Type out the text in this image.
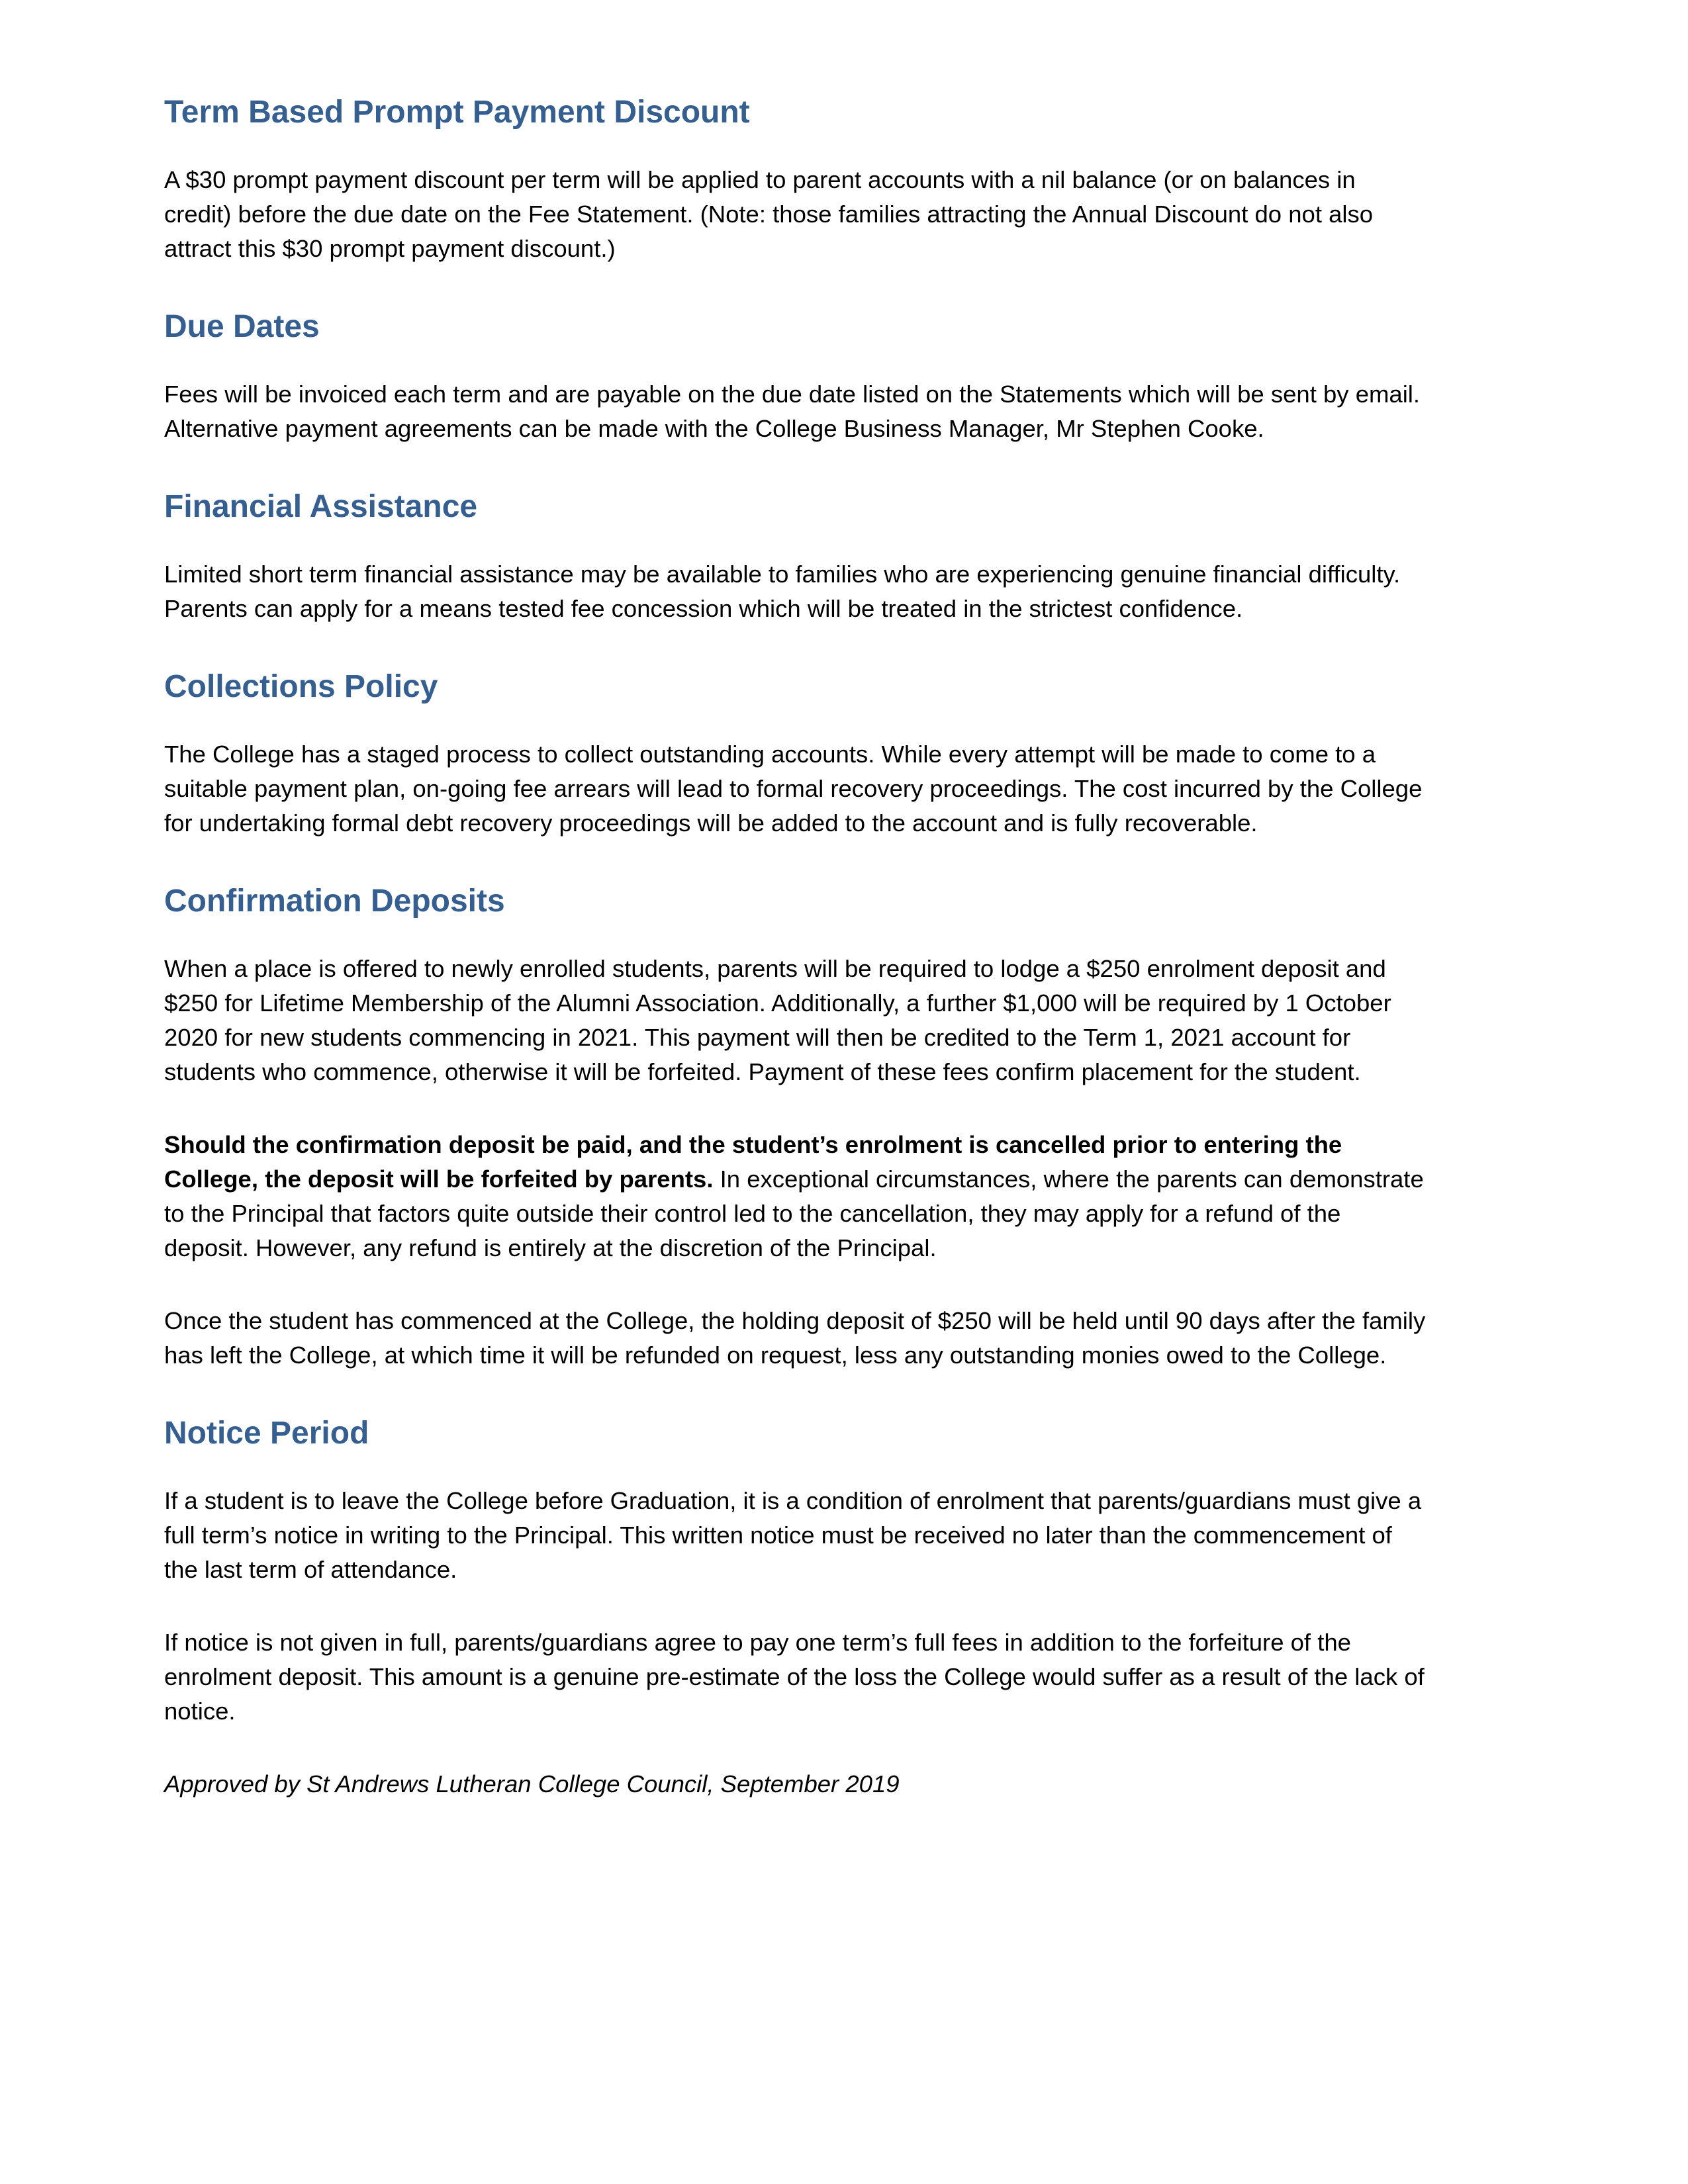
Term Based Prompt Payment Discount

A $30 prompt payment discount per term will be applied to parent accounts with a nil balance (or on balances in
credit) before the due date on the Fee Statement. (Note: those families attracting the Annual Discount do not also
attract this $30 prompt payment discount.)

Due Dates

Fees will be invoiced each term and are payable on the due date listed on the Statements which will be sent by email.
Alternative payment agreements can be made with the College Business Manager, Mr Stephen Cooke.

Financial Assistance

Limited short term financial assistance may be available to families who are experiencing genuine financial difficulty.
Parents can apply for a means tested fee concession which will be treated in the strictest confidence.

Collections Policy

The College has a staged process to collect outstanding accounts. While every attempt will be made to come to a
suitable payment plan, on-going fee arrears will lead to formal recovery proceedings. The cost incurred by the College
for undertaking formal debt recovery proceedings will be added to the account and is fully recoverable.

Confirmation Deposits

When a place is offered to newly enrolled students, parents will be required to lodge a $250 enrolment deposit and
$250 for Lifetime Membership of the Alumni Association. Additionally, a further $1,000 will be required by 1 October
2020 for new students commencing in 2021. This payment will then be credited to the Term 1, 2021 account for
students who commence, otherwise it will be forfeited. Payment of these fees confirm placement for the student.

Should the confirmation deposit be paid, and the student’s enrolment is cancelled prior to entering the
College, the deposit will be forfeited by parents. In exceptional circumstances, where the parents can demonstrate
to the Principal that factors quite outside their control led to the cancellation, they may apply for a refund of the
deposit. However, any refund is entirely at the discretion of the Principal.

Once the student has commenced at the College, the holding deposit of $250 will be held until 90 days after the family
has left the College, at which time it will be refunded on request, less any outstanding monies owed to the College.

Notice Period

If a student is to leave the College before Graduation, it is a condition of enrolment that parents/guardians must give a
full term’s notice in writing to the Principal. This written notice must be received no later than the commencement of
the last term of attendance.

If notice is not given in full, parents/guardians agree to pay one term’s full fees in addition to the forfeiture of the
enrolment deposit. This amount is a genuine pre-estimate of the loss the College would suffer as a result of the lack of
notice.

Approved by St Andrews Lutheran College Council, September 2019
